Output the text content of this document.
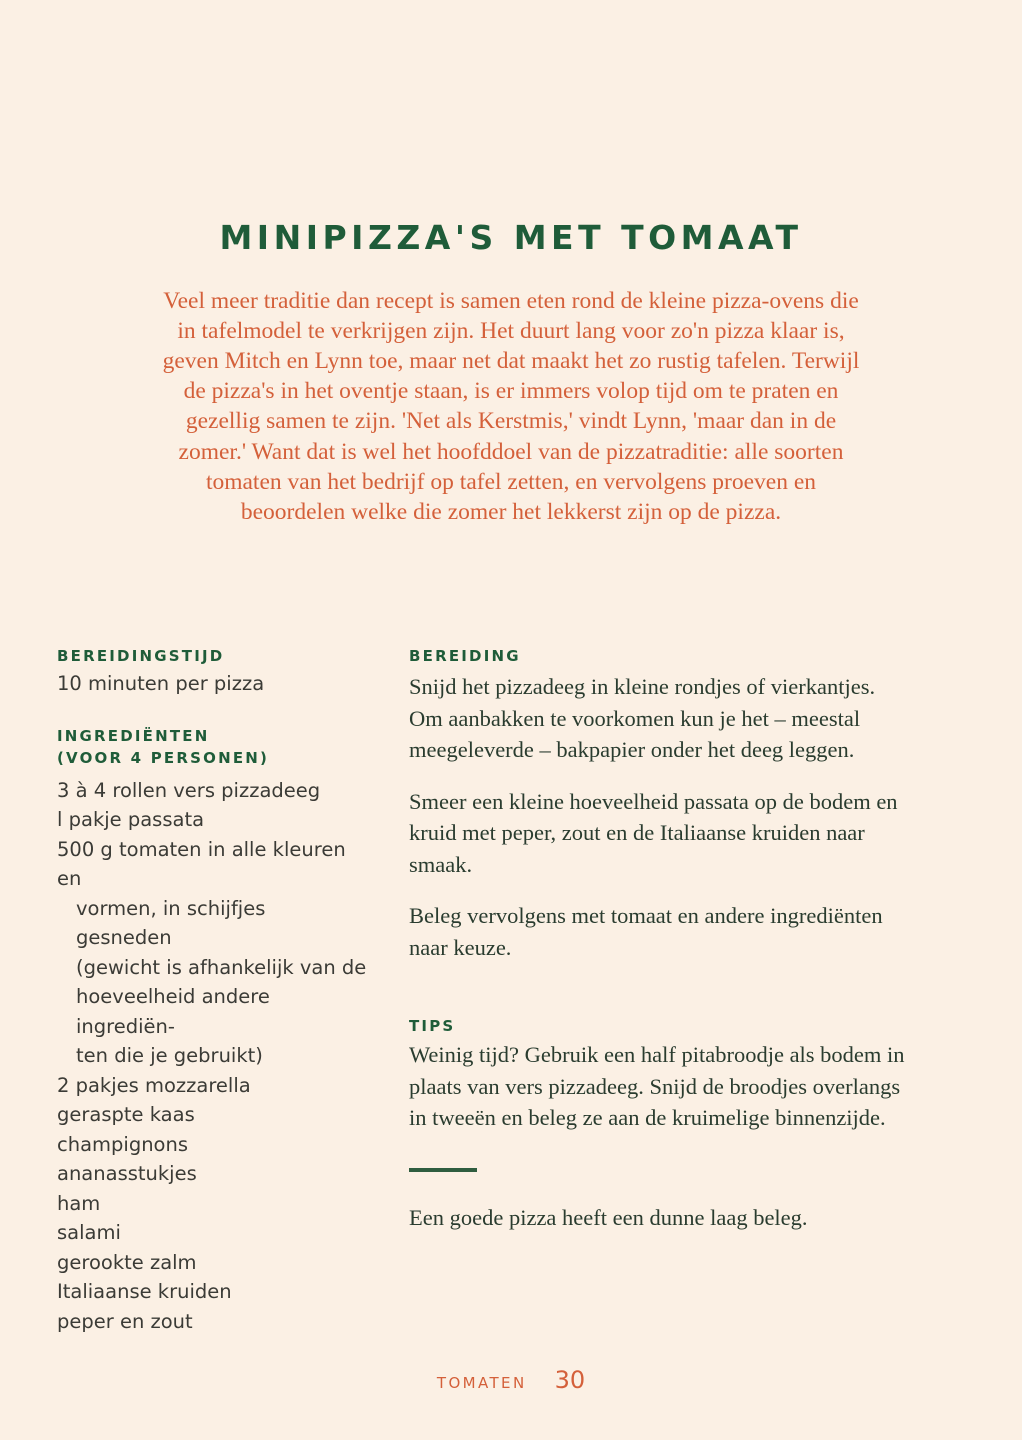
MINIPIZZA'S MET TOMAAT

Veel meer traditie dan recept is samen eten rond de kleine pizza-ovens die in tafelmodel te verkrijgen zijn. Het duurt lang voor zo'n pizza klaar is, geven Mitch en Lynn toe, maar net dat maakt het zo rustig tafelen. Terwijl de pizza's in het oventje staan, is er immers volop tijd om te praten en gezellig samen te zijn. 'Net als Kerstmis,' vindt Lynn, 'maar dan in de zomer.' Want dat is wel het hoofddoel van de pizzatraditie: alle soorten tomaten van het bedrijf op tafel zetten, en vervolgens proeven en beoordelen welke die zomer het lekkerst zijn op de pizza.

BEREIDINGSTIJD
10 minuten per pizza
INGREDIËNTEN
(VOOR 4 PERSONEN)
3 à 4 rollen vers pizzadeeg
l pakje passata
500 g tomaten in alle kleuren en
vormen, in schijfjes gesneden
(gewicht is afhankelijk van de
hoeveelheid andere ingrediën-
ten die je gebruikt)
2 pakjes mozzarella
geraspte kaas
champignons
ananasstukjes
ham
salami
gerookte zalm
Italiaanse kruiden
peper en zout
BEREIDING

Snijd het pizzadeeg in kleine rondjes of vierkantjes. Om aanbakken te voorkomen kun je het – meestal meegeleverde – bakpapier onder het deeg leggen.

Smeer een kleine hoeveelheid passata op de bodem en kruid met peper, zout en de Italiaanse kruiden naar smaak.

Beleg vervolgens met tomaat en andere ingrediënten naar keuze.

TIPS

Weinig tijd? Gebruik een half pitabroodje als bodem in plaats van vers pizzadeeg. Snijd de broodjes overlangs in tweeën en beleg ze aan de kruimelige binnenzijde.

Een goede pizza heeft een dunne laag beleg.

TOMATEN 30
